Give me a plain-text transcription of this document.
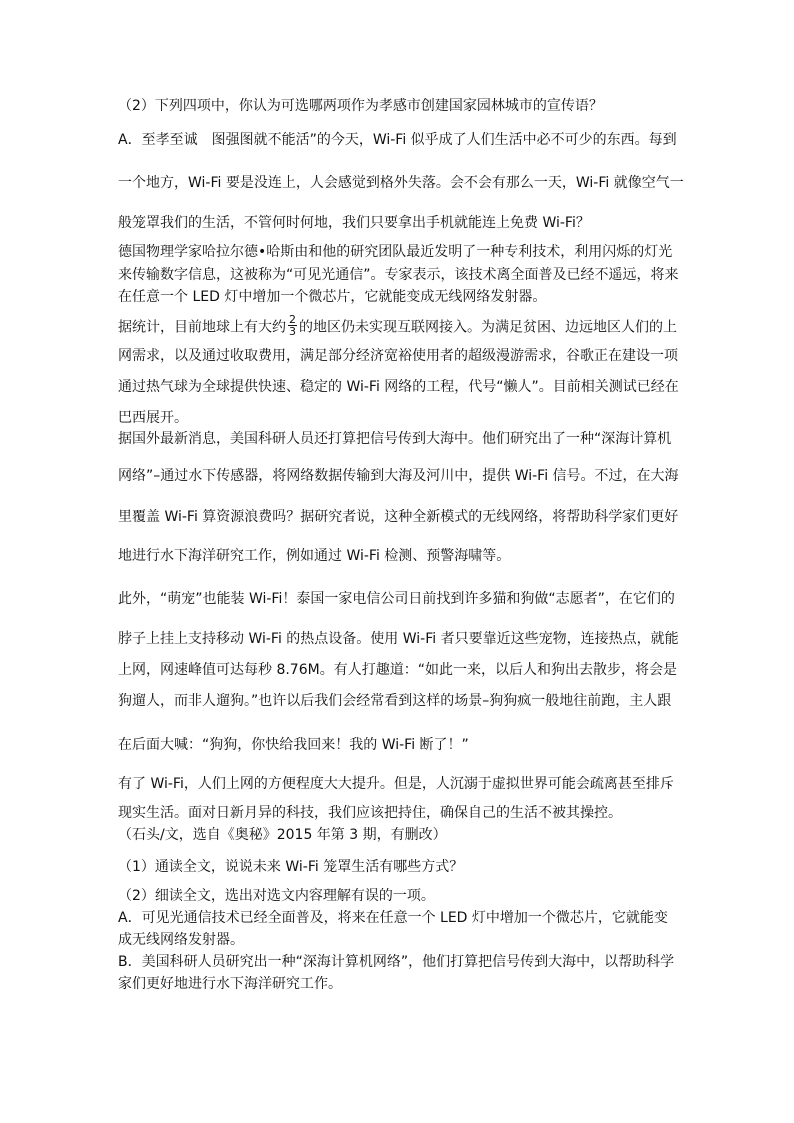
（2）下列四项中，你认为可选哪两项作为孝感市创建国家园林城市的宣传语？
A．至孝至诚　图强图就不能活”的今天，Wi-Fi 似乎成了人们生活中必不可少的东西。每到
一个地方，Wi-Fi 要是没连上，人会感觉到格外失落。会不会有那么一天，Wi-Fi 就像空气一
般笼罩我们的生活，不管何时何地，我们只要拿出手机就能连上免费 Wi-Fi？
德国物理学家哈拉尔德•哈斯由和他的研究团队最近发明了一种专利技术，利用闪烁的灯光
来传输数字信息，这被称为“可见光通信”。专家表示，该技术离全面普及已经不遥远，将来
在任意一个 LED 灯中增加一个微芯片，它就能变成无线网络发射器。
据统计，目前地球上有大约 $\frac{2}{3}$ 的地区仍未实现互联网接入。为满足贫困、边远地区人们的上
网需求，以及通过收取费用，满足部分经济宽裕使用者的超级漫游需求，谷歌正在建设一项
通过热气球为全球提供快速、稳定的 Wi-Fi 网络的工程，代号“懒人”。目前相关测试已经在
巴西展开。
据国外最新消息，美国科研人员还打算把信号传到大海中。他们研究出了一种“深海计算机
网络”–通过水下传感器，将网络数据传输到大海及河川中，提供 Wi-Fi 信号。不过，在大海
里覆盖 Wi-Fi 算资源浪费吗？据研究者说，这种全新模式的无线网络，将帮助科学家们更好
地进行水下海洋研究工作，例如通过 Wi-Fi 检测、预警海啸等。
此外，“萌宠”也能装 Wi-Fi！泰国一家电信公司日前找到许多猫和狗做“志愿者”，在它们的
脖子上挂上支持移动 Wi-Fi 的热点设备。使用 Wi-Fi 者只要靠近这些宠物，连接热点，就能
上网，网速峰值可达每秒 8.76M。有人打趣道：“如此一来，以后人和狗出去散步，将会是
狗遛人，而非人遛狗。”也许以后我们会经常看到这样的场景–狗狗疯一般地往前跑，主人跟
在后面大喊：“狗狗，你快给我回来！我的 Wi-Fi 断了！”
有了 Wi-Fi，人们上网的方便程度大大提升。但是，人沉溺于虚拟世界可能会疏离甚至排斥
现实生活。面对日新月异的科技，我们应该把持住，确保自己的生活不被其操控。
（石头/文，选自《奥秘》2015 年第 3 期，有删改）
（1）通读全文，说说未来 Wi-Fi 笼罩生活有哪些方式？
（2）细读全文，选出对选文内容理解有误的一项。
A．可见光通信技术已经全面普及，将来在任意一个 LED 灯中增加一个微芯片，它就能变
成无线网络发射器。
B．美国科研人员研究出一种“深海计算机网络”，他们打算把信号传到大海中，以帮助科学
家们更好地进行水下海洋研究工作。
